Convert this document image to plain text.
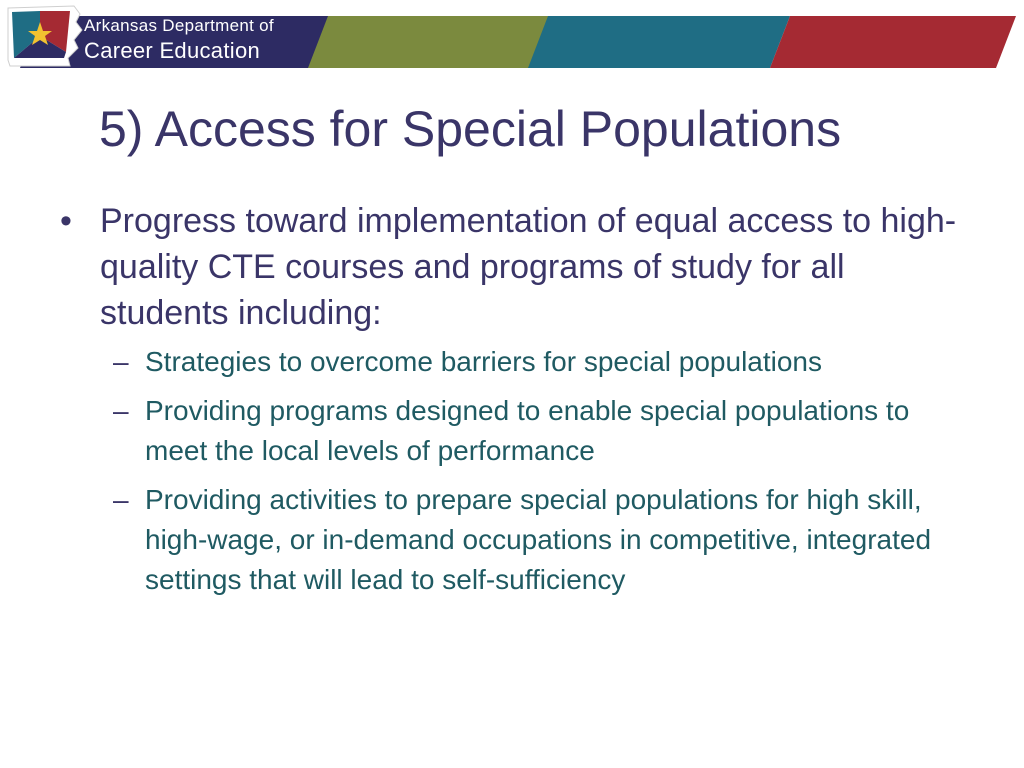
Arkansas Department of
Career Education
5) Access for Special Populations
• Progress toward implementation of equal access to high-quality CTE courses and programs of study for all students including:
– Strategies to overcome barriers for special populations
– Providing programs designed to enable special populations to meet the local levels of performance
– Providing activities to prepare special populations for high skill, high-wage, or in-demand occupations in competitive, integrated settings that will lead to self-sufficiency
